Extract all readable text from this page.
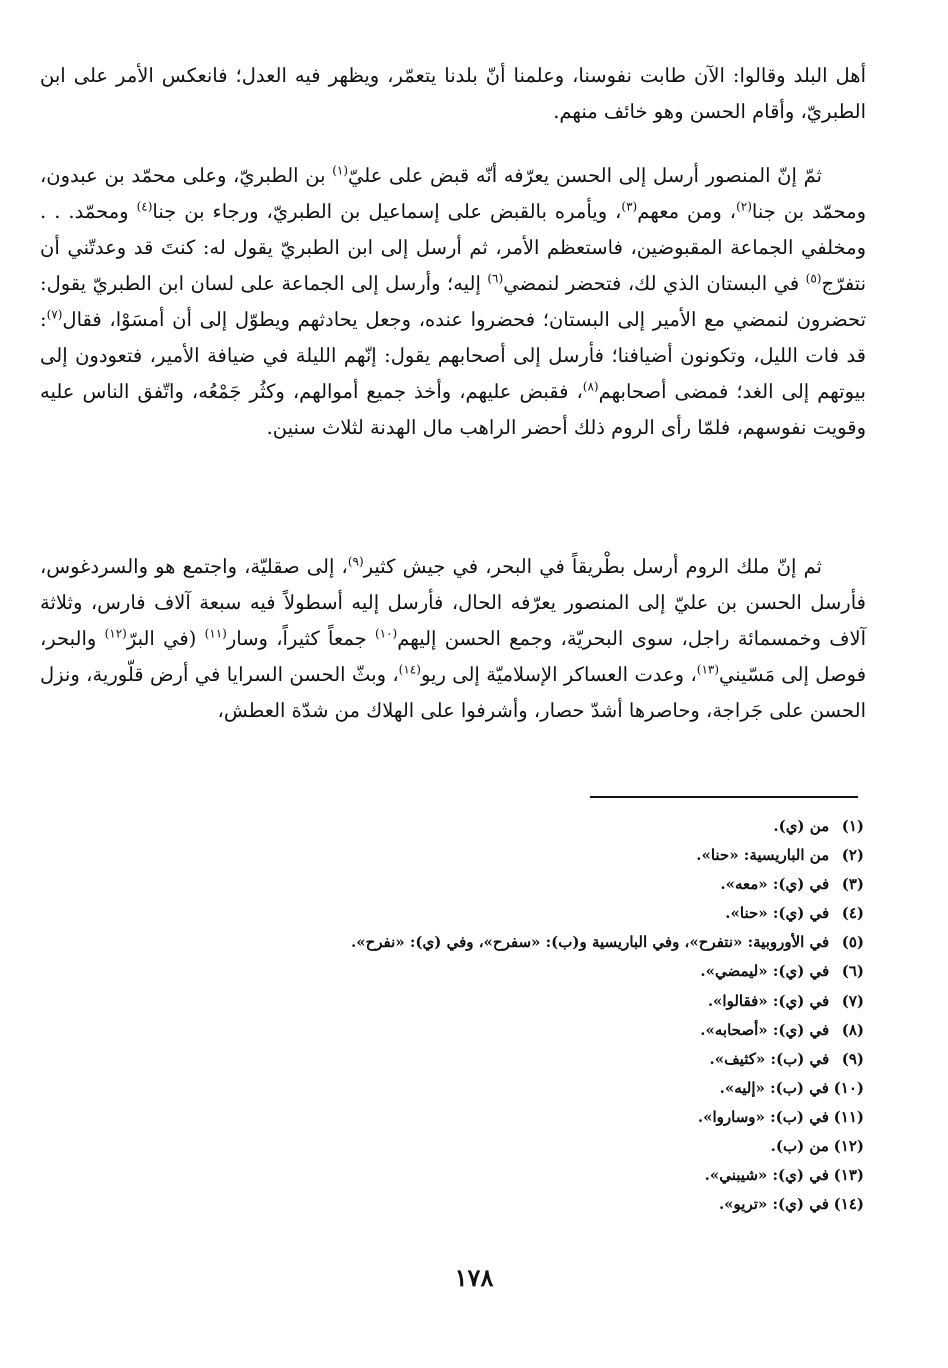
أهل البلد وقالوا: الآن طابت نفوسنا، وعلمنا أنّ بلدنا يتعمّر، ويظهر فيه العدل؛ فانعكس الأمر على ابن الطبريّ، وأقام الحسن وهو خائف منهم.

ثمّ إنّ المنصور أرسل إلى الحسن يعرّفه أنّه قبض على عليّ$^{(١)}$ بن الطبريّ، وعلى محمّد بن عبدون، ومحمّد بن جنا$^{(٢)}$، ومن معهم$^{(٣)}$، ويأمره بالقبض على إسماعيل بن الطبريّ، ورجاء بن جنا$^{(٤)}$ ومحمّد. . . ومخلفي الجماعة المقبوضين، فاستعظم الأمر، ثم أرسل إلى ابن الطبريّ يقول له: كنتَ قد وعدتّني أن نتفرّج$^{(٥)}$ في البستان الذي لك، فتحضر لنمضي$^{(٦)}$ إليه؛ وأرسل إلى الجماعة على لسان ابن الطبريّ يقول: تحضرون لنمضي مع الأمير إلى البستان؛ فحضروا عنده، وجعل يحادثهم ويطوّل إلى أن أمسَوْا، فقال$^{(٧)}$: قد فات الليل، وتكونون أضيافنا؛ فأرسل إلى أصحابهم يقول: إنّهم الليلة في ضيافة الأمير، فتعودون إلى بيوتهم إلى الغد؛ فمضى أصحابهم$^{(٨)}$، فقبض عليهم، وأخذ جميع أموالهم، وكثُر جَمْعُه، واتّفق الناس عليه وقويت نفوسهم، فلمّا رأى الروم ذلك أحضر الراهب مال الهدنة لثلاث سنين.

ثم إنّ ملك الروم أرسل بطْريقاً في البحر، في جيش كثير$^{(٩)}$، إلى صقليّة، واجتمع هو والسردغوس، فأرسل الحسن بن عليّ إلى المنصور يعرّفه الحال، فأرسل إليه أسطولاً فيه سبعة آلاف فارس، وثلاثة آلاف وخمسمائة راجل، سوى البحريّة، وجمع الحسن إليهم$^{(١٠)}$ جمعاً كثيراً، وسار$^{(١١)}$ (في البرّ$^{(١٢)}$ والبحر، فوصل إلى مَسّيني$^{(١٣)}$، وعدت العساكر الإسلاميّة إلى ريو$^{(١٤)}$، وبثّ الحسن السرايا في أرض قلّورية، ونزل الحسن على جَراجة، وحاصرها أشدّ حصار، وأشرفوا على الهلاك من شدّة العطش،

(١) من (ي).
(٢) من الباريسية: «حنا».
(٣) في (ي): «معه».
(٤) في (ي): «حنا».
(٥) في الأوروبية: «نتفرح»، وفي الباريسية و(ب): «سفرح»، وفي (ي): «نفرح».
(٦) في (ي): «ليمضي».
(٧) في (ي): «فقالوا».
(٨) في (ي): «أصحابه».
(٩) في (ب): «كثيف».
(١٠) في (ب): «إليه».
(١١) في (ب): «وساروا».
(١٢) من (ب).
(١٣) في (ي): «شيبني».
(١٤) في (ي): «تريو».
١٧٨
